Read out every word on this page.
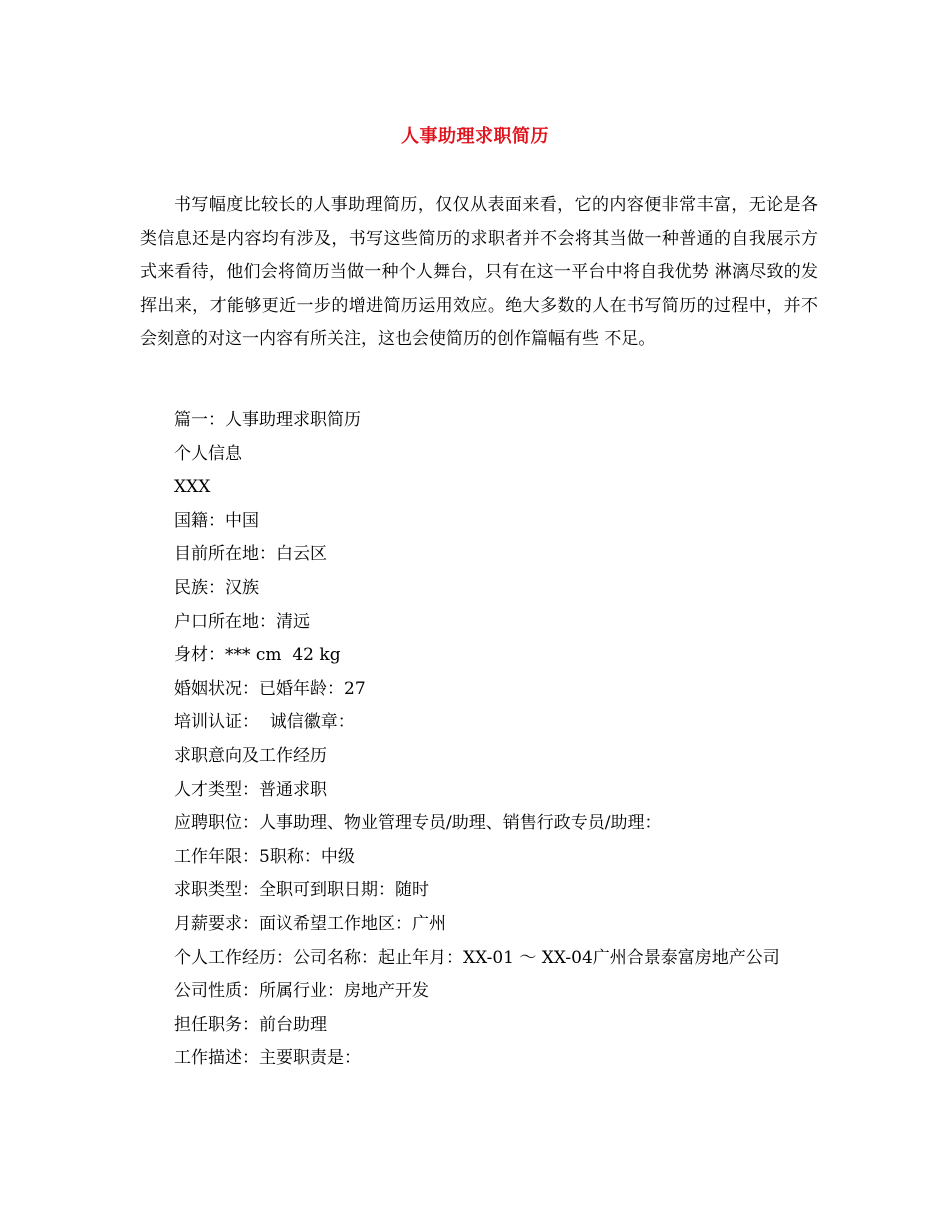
人事助理求职简历

书写幅度比较长的人事助理简历，仅仅从表面来看，它的内容便非常丰富，无论是各 类信息还是内容均有涉及，书写这些简历的求职者并不会将其当做一种普通的自我展示方式来看待，他们会将简历当做一种个人舞台，只有在这一平台中将自我优势 淋漓尽致的发挥出来，才能够更近一步的增进简历运用效应。绝大多数的人在书写简历的过程中，并不会刻意的对这一内容有所关注，这也会使简历的创作篇幅有些 不足。

篇一：人事助理求职简历
个人信息
XXX
国籍：中国
目前所在地：白云区
民族：汉族
户口所在地：清远
身材：*** cm  42 kg
婚姻状况：已婚年龄：27
培训认证：  诚信徽章：
求职意向及工作经历
人才类型：普通求职
应聘职位：人事助理、物业管理专员/助理、销售行政专员/助理：
工作年限：5职称：中级
求职类型：全职可到职日期：随时
月薪要求：面议希望工作地区：广州
个人工作经历：公司名称：起止年月：XX-01 ～ XX-04广州合景泰富房地产公司
公司性质：所属行业：房地产开发
担任职务：前台助理
工作描述：主要职责是：
